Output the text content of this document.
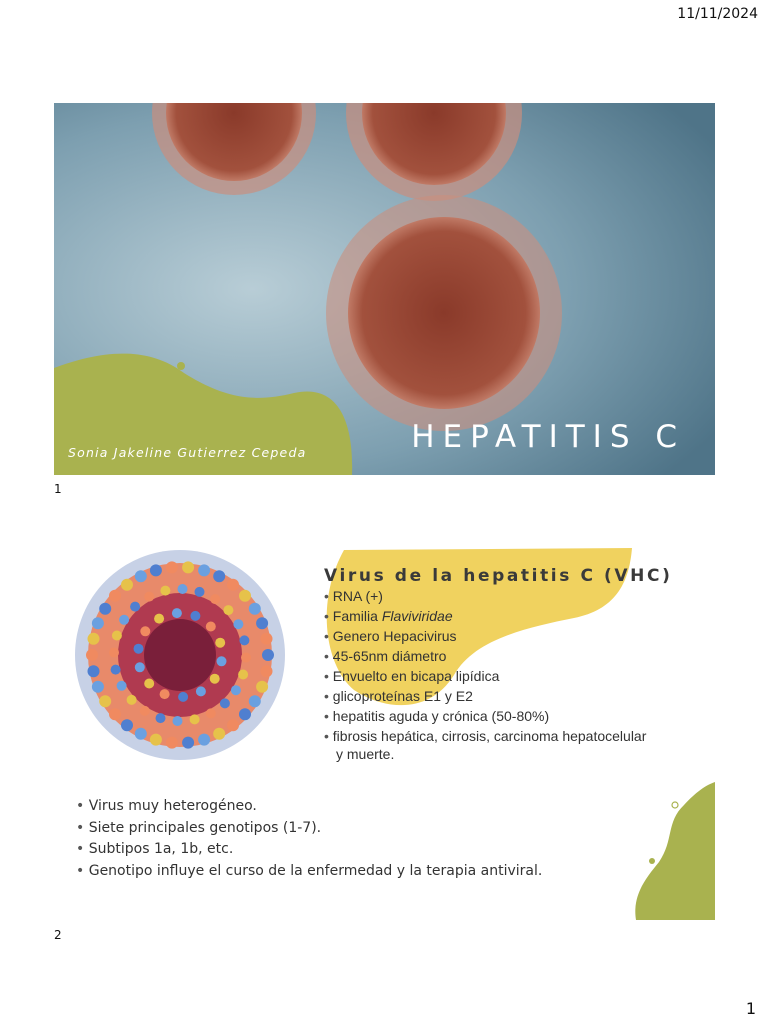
11/11/2024
HEPATITIS C
Sonia Jakeline Gutierrez Cepeda
1
Virus de la hepatitis C (VHC)
• RNA (+)
• Familia Flaviviridae
• Genero Hepacivirus
• 45-65nm diámetro
• Envuelto en bicapa lipídica
• glicoproteínas E1 y E2
• hepatitis aguda y crónica (50-80%)
• fibrosis hepática, cirrosis, carcinoma hepatocelular
y muerte.
• Virus muy heterogéneo.
• Siete principales genotipos (1-7).
• Subtipos 1a, 1b, etc.
• Genotipo influye el curso de la enfermedad y la terapia antiviral.
2
1
